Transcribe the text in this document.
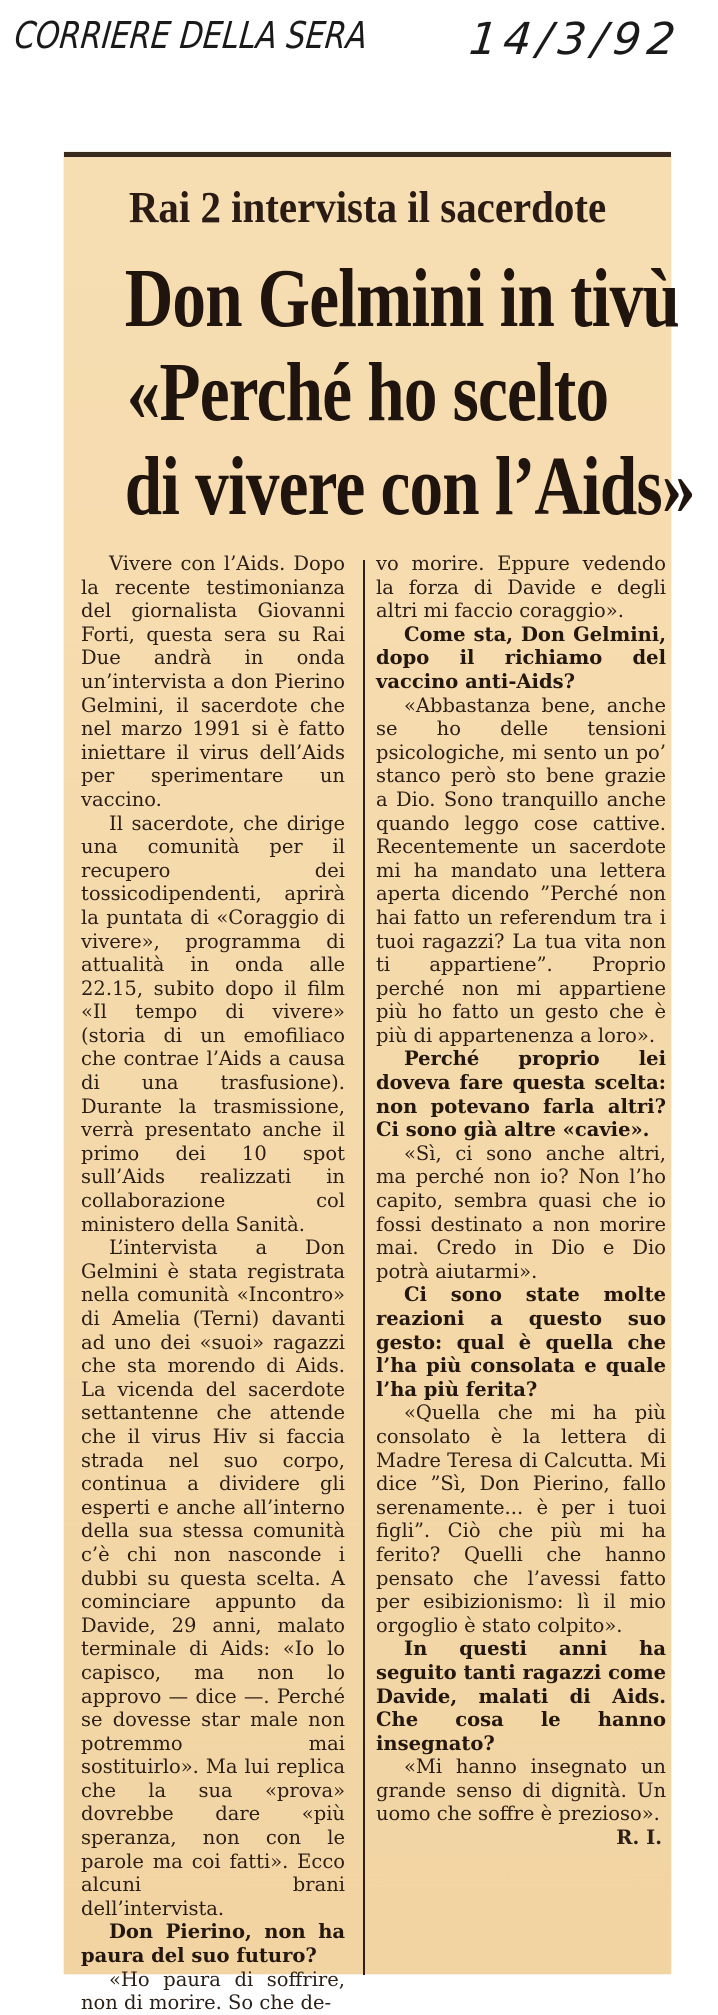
CORRIERE DELLA SERA 14/3/92
Rai 2 intervista il sacerdote
Don Gelmini in tivù
«Perché ho scelto
di vivere con l’Aids»

Vivere con l’Aids. Dopo la recente testimonianza del giornalista Giovanni Forti, questa sera su Rai Due andrà in onda un’intervista a don Pierino Gelmini, il sacerdote che nel marzo 1991 si è fatto iniettare il virus dell’Aids per sperimentare un vaccino.

Il sacerdote, che dirige una comunità per il recupero dei tossicodipendenti, aprirà la puntata di «Coraggio di vivere», programma di attualità in onda alle 22.15, subito dopo il film «Il tempo di vivere» (storia di un emofiliaco che contrae l’Aids a causa di una trasfusione). Durante la trasmissione, verrà presentato anche il primo dei 10 spot sull’Aids realizzati in collaborazione col ministero della Sanità.

L’intervista a Don Gelmini è stata registrata nella comunità «Incontro» di Amelia (Terni) davanti ad uno dei «suoi» ragazzi che sta morendo di Aids. La vicenda del sacerdote settantenne che attende che il virus Hiv si faccia strada nel suo corpo, continua a dividere gli esperti e anche all’interno della sua stessa comunità c’è chi non nasconde i dubbi su questa scelta. A cominciare appunto da Davide, 29 anni, malato terminale di Aids: «Io lo capisco, ma non lo approvo — dice —. Perché se dovesse star male non potremmo mai sostituirlo». Ma lui replica che la sua «prova» dovrebbe dare «più speranza, non con le parole ma coi fatti». Ecco alcuni brani dell’intervista.

Don Pierino, non ha paura del suo futuro?

«Ho paura di soffrire, non di morire. So che de-

vo morire. Eppure vedendo la forza di Davide e degli altri mi faccio coraggio».

Come sta, Don Gelmini, dopo il richiamo del vaccino anti-Aids?

«Abbastanza bene, anche se ho delle tensioni psicologiche, mi sento un po’ stanco però sto bene grazie a Dio. Sono tranquillo anche quando leggo cose cattive. Recentemente un sacerdote mi ha mandato una lettera aperta dicendo ”Perché non hai fatto un referendum tra i tuoi ragazzi? La tua vita non ti appartiene”. Proprio perché non mi appartiene più ho fatto un gesto che è più di appartenenza a loro».

Perché proprio lei doveva fare questa scelta: non potevano farla altri? Ci sono già altre «cavie».

«Sì, ci sono anche altri, ma perché non io? Non l’ho capito, sembra quasi che io fossi destinato a non morire mai. Credo in Dio e Dio potrà aiutarmi».

Ci sono state molte reazioni a questo suo gesto: qual è quella che l’ha più consolata e quale l’ha più ferita?

«Quella che mi ha più consolato è la lettera di Madre Teresa di Calcutta. Mi dice ”Sì, Don Pierino, fallo serenamente... è per i tuoi figli”. Ciò che più mi ha ferito? Quelli che hanno pensato che l’avessi fatto per esibizionismo: lì il mio orgoglio è stato colpito».

In questi anni ha seguito tanti ragazzi come Davide, malati di Aids. Che cosa le hanno insegnato?

«Mi hanno insegnato un grande senso di dignità. Un uomo che soffre è prezioso».

R. I.
